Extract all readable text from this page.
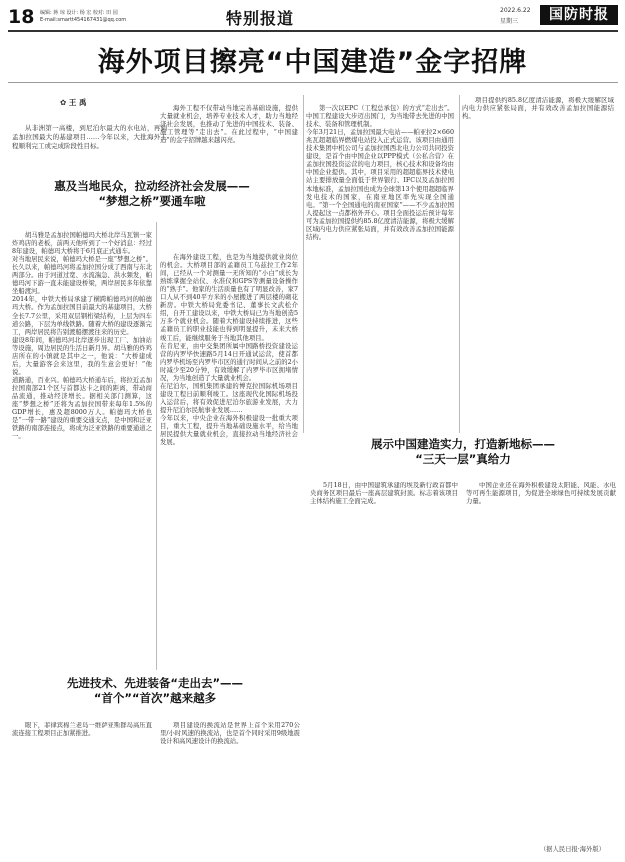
18 编辑: 蒋 琼 设计: 杨 宏 校对: 田 园
E-mail:smartt454167431@qq.com	特别报道	2022.6.22
星期三	国防时报
海外项目擦亮“中国建造”金字招牌
✿ 王 禹

从非洲第一高楼，到尼泊尔最大的水电站，再到孟加拉国最大的基建项目……今年以来，大批海外工程顺利完工或完成阶段性目标。

惠及当地民众，拉动经济社会发展——
“梦想之桥”要通车啦

胡马雅是孟加拉国帕德玛大桥北岸马瓦镇一家炸鸡店的老板，前两天他听到了一个好消息：经过8年建设，帕德玛大桥将于6月底正式通车。
对当地居民来说，帕德玛大桥是一座“梦想之桥”。长久以来，帕德玛河将孟加拉国分成了西南与东北两部分。由于河道过宽、水流湍急、洪水频发，帕德玛河下游一直未能建设桥梁，两岸居民多年依靠坐船渡河。
2014年，中铁大桥局承建了横跨帕德玛河的帕德玛大桥。作为孟加拉国目前最大的基建项目，大桥全长7.7公里，采用双层钢桁梁结构，上层为四车道公路，下层为单线铁路。随着大桥的建设逐渐完工，两岸居民将告别渡船摆渡往来的历史。
建设8年间，帕德玛河北岸逐步出现工厂、加油站等设施，周边居民的生活日新月异。胡马雅的炸鸡店所在的小镇就是其中之一，他说：“大桥建成后，大量游客会来这里，我的生意会更好！”他说。
道路通，百业兴。帕德玛大桥通车后，将拉近孟加拉国南部21个区与首都达卡之间的距离，带动商品流通，推动经济增长。据相关部门测算，这座“梦想之桥”还将为孟加拉国带来每年1.5%的GDP增长，惠及超8000万人。帕德玛大桥也是“一带一路”建设的重要交通支点，是中国和泛亚铁路的南部连接点，将成为泛亚铁路的重要通道之一。

海外工程不仅带动当地完善基础设施，提供大量就业机会，培养专业技术人才，助力当地经济社会发展，也推动了先进的中国技术、装备、施工管理等“走出去”。在此过程中，“中国建造”的金字招牌越来越闪亮。

在海外建设工程，也是为当地提供就业岗位的机会。大桥项目部的孟籍员工乌兹拉工作2年间，已经从一个对测量一无所知的“小白”成长为熟练掌握全站仪、水准仪和GPS等测量设备操作的“熟手”。他家的生活质量也有了明显改善，家7口人从不到40平方米的小屋搬进了两层楼的砌花新房。中铁大桥局党委书记、董事长文武松介绍，自开工建设以来，中铁大桥局已为当地创造5万多个就业机会。随着大桥建设持续推进，这些孟籍员工的职业技能也得到明显提升，未来大桥竣工后，能继续服务于当地其他项目。
在肯尼亚，由中交集团所属中国路桥投资建设运营的内罗毕快速路5月14日开通试运营，使首都内罗毕机场至内罗毕市区的通行时间从之前的2小时减少至20分钟，有效缓解了内罗毕市区拥堵情况，为当地创造了大量就业机会。
在尼泊尔，国机集团承建的博克拉国际机场项目建设工程日前顺利竣工。这座现代化国际机场投入运营后，将有效促进尼泊尔旅游业发展，大力提升尼泊尔民航事业发展……
今年以来，中央企业在海外积极建设一批重大项目，重大工程，提升当地基础设施水平，给当地居民提供大量就业机会，直接拉动当地经济社会发展。

第一次以EPC（工程总承包）的方式“走出去”。
中国工程建设大步迈出国门，为当地带去先进的中国技术、装备和管理机制。
今年3月21日，孟加拉国最大电站——帕亚拉2×660兆瓦超超临界燃煤电站投入正式运营。该项目由通用技术集团中机公司与孟加拉国西北电力公司共同投资建设，是首个由中国企业以PPP模式（公私合营）在孟加拉国投资运营的电力项目，核心技术和设备均由中国企业提供。其中，项目采用的超超临界技术使电站主要排放量全面低于世界银行、IFC以及孟加拉国本地标准，孟加拉国也成为全球第13个使用超超临界发电技术的国家，在南亚地区率先实现全国通电。“第一个全国通电的南亚国家”——不少孟加拉国人提起这一点都格外开心。项目全面投运后预计每年可为孟加拉国提供约85.8亿度清洁能源，将极大缓解区域内电力供应紧张局面，并有效改善孟加拉国能源结构。

项目提供约85.8亿度清洁能源，将极大缓解区域内电力供应紧张局面，并有效改善孟加拉国能源结构。

展示中国建造实力，打造新地标——
“三天一层”真给力

5月18日，由中国建筑承建的埃及新行政首都中央商务区项目最后一座高层建筑封顶。标志着该项目主体结构施工全面完成。

中国企业还在海外积极建设太阳能、风能、水电等可再生能源项目，为促进全球绿色可持续发展贡献力量。

先进技术、先进装备“走出去”——
“首个”“首次”越来越多

眼下，菲律宾棉兰老岛一维萨亚斯群岛高压直流连接工程项目正加紧推进。

项目建设的换流站是世界上首个采用270公里/小时风速的换流站，也是首个同时采用9级地震设计和高风速设计的换流站。

（据人民日报·海外版）
